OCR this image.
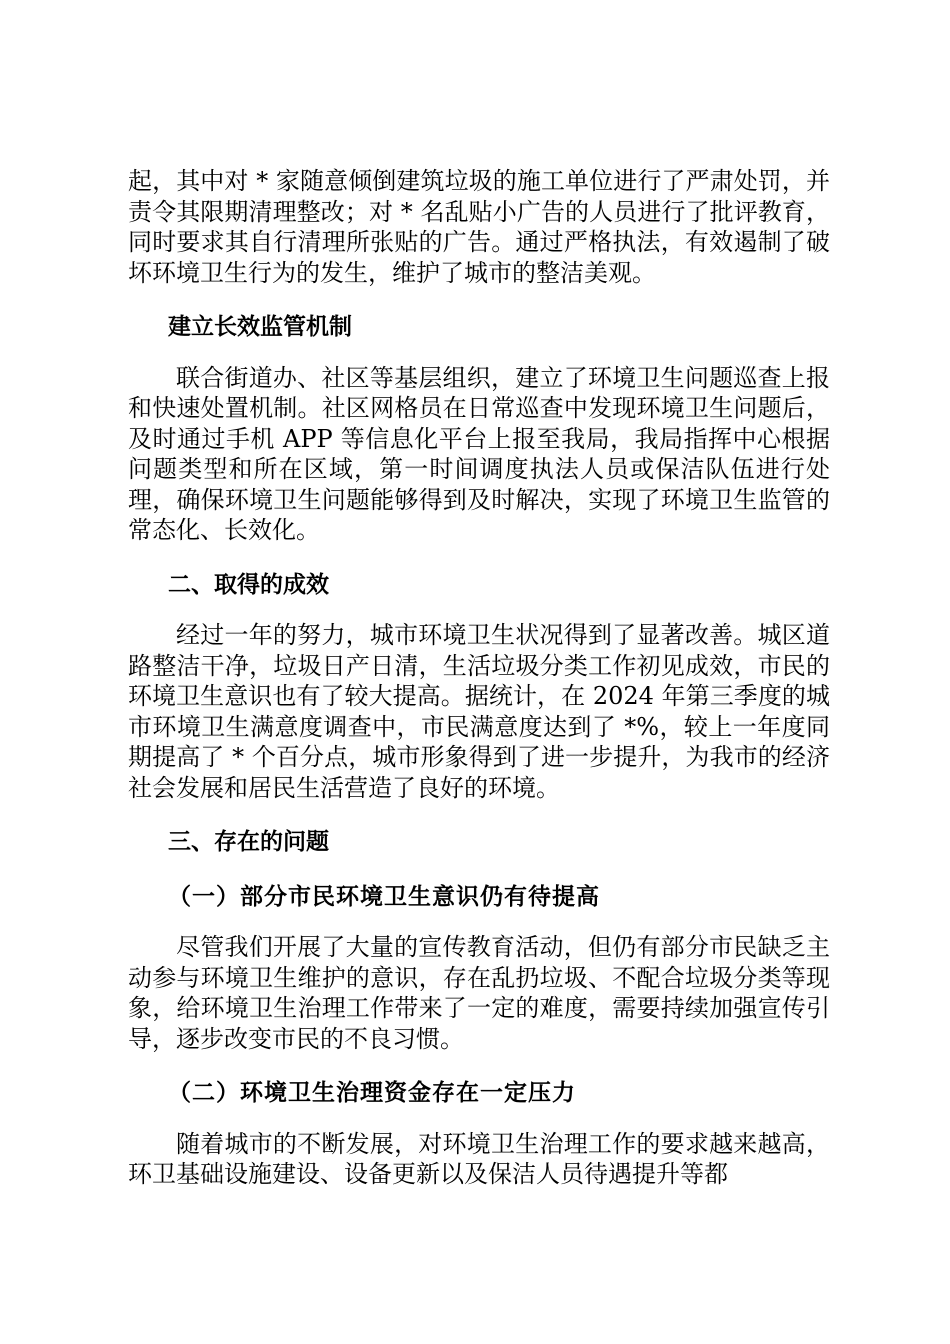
起，其中对 * 家随意倾倒建筑垃圾的施工单位进行了严肃处罚，并责令其限期清理整改；对 * 名乱贴小广告的人员进行了批评教育，同时要求其自行清理所张贴的广告。通过严格执法，有效遏制了破坏环境卫生行为的发生，维护了城市的整洁美观。

建立长效监管机制

联合街道办、社区等基层组织，建立了环境卫生问题巡查上报和快速处置机制。社区网格员在日常巡查中发现环境卫生问题后，及时通过手机 APP 等信息化平台上报至我局，我局指挥中心根据问题类型和所在区域，第一时间调度执法人员或保洁队伍进行处理，确保环境卫生问题能够得到及时解决，实现了环境卫生监管的常态化、长效化。

二、取得的成效

经过一年的努力，城市环境卫生状况得到了显著改善。城区道路整洁干净，垃圾日产日清，生活垃圾分类工作初见成效，市民的环境卫生意识也有了较大提高。据统计，在 2024 年第三季度的城市环境卫生满意度调查中，市民满意度达到了 *%，较上一年度同期提高了 * 个百分点，城市形象得到了进一步提升，为我市的经济社会发展和居民生活营造了良好的环境。

三、存在的问题

（一）部分市民环境卫生意识仍有待提高

尽管我们开展了大量的宣传教育活动，但仍有部分市民缺乏主动参与环境卫生维护的意识，存在乱扔垃圾、不配合垃圾分类等现象，给环境卫生治理工作带来了一定的难度，需要持续加强宣传引导，逐步改变市民的不良习惯。

（二）环境卫生治理资金存在一定压力

随着城市的不断发展，对环境卫生治理工作的要求越来越高，环卫基础设施建设、设备更新以及保洁人员待遇提升等都
